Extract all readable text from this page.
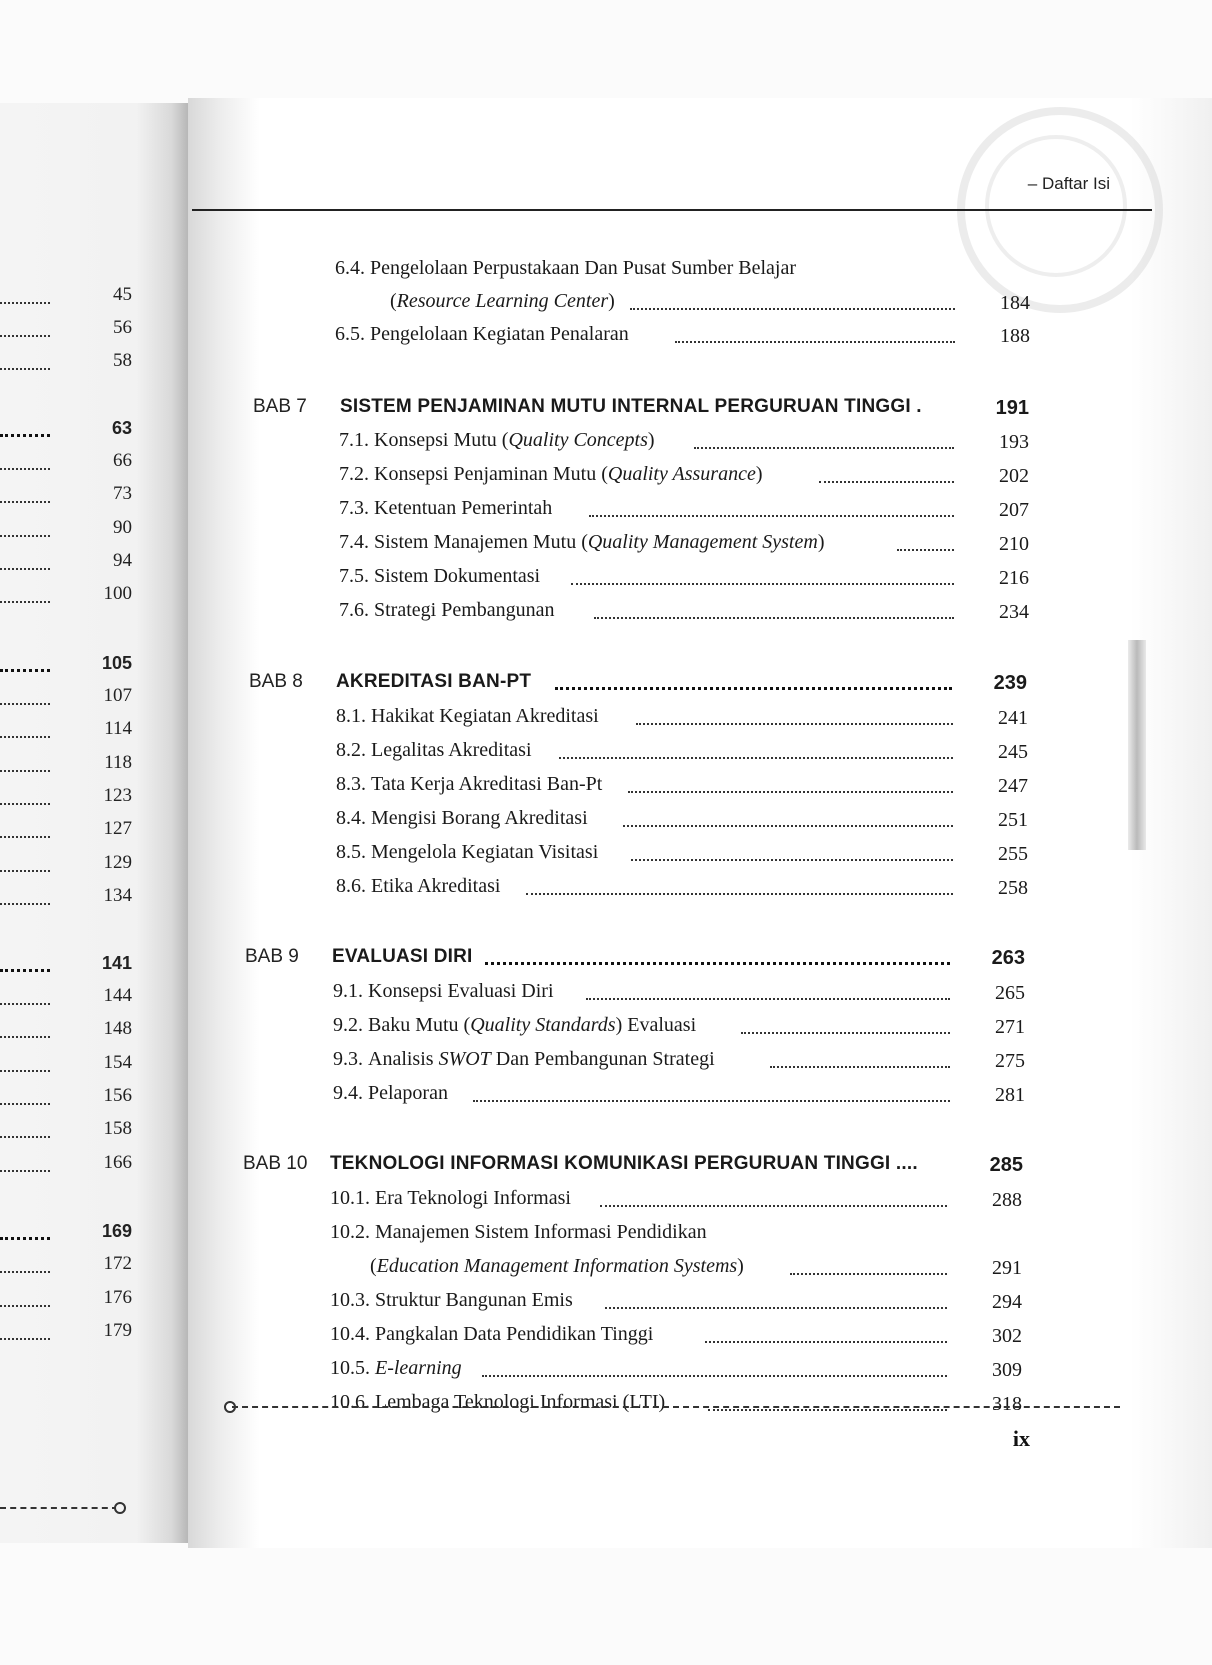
45
56
58
63
66
73
90
94
100
105
107
114
118
123
127
129
134
141
144
148
154
156
158
166
169
172
176
179
– Daftar Isi
6.4. Pengelolaan Perpustakaan Dan Pusat Sumber Belajar
(Resource Learning Center)	184
6.5. Pengelolaan Kegiatan Penalaran	188
BAB 7 SISTEM PENJAMINAN MUTU INTERNAL PERGURUAN TINGGI .	191
7.1. Konsepsi Mutu (Quality Concepts)	193
7.2. Konsepsi Penjaminan Mutu (Quality Assurance)	202
7.3. Ketentuan Pemerintah	207
7.4. Sistem Manajemen Mutu (Quality Management System)	210
7.5. Sistem Dokumentasi	216
7.6. Strategi Pembangunan	234
BAB 8 AKREDITASI BAN-PT	239
8.1. Hakikat Kegiatan Akreditasi	241
8.2. Legalitas Akreditasi	245
8.3. Tata Kerja Akreditasi Ban-Pt	247
8.4. Mengisi Borang Akreditasi	251
8.5. Mengelola Kegiatan Visitasi	255
8.6. Etika Akreditasi	258
BAB 9 EVALUASI DIRI	263
9.1. Konsepsi Evaluasi Diri	265
9.2. Baku Mutu (Quality Standards) Evaluasi	271
9.3. Analisis SWOT Dan Pembangunan Strategi	275
9.4. Pelaporan	281
BAB 10 TEKNOLOGI INFORMASI KOMUNIKASI PERGURUAN TINGGI ....	285
10.1. Era Teknologi Informasi	288
10.2. Manajemen Sistem Informasi Pendidikan
(Education Management Information Systems)	291
10.3. Struktur Bangunan Emis	294
10.4. Pangkalan Data Pendidikan Tinggi	302
10.5. E-learning	309
10.6. Lembaga Teknologi Informasi (LTI)	318
ix
